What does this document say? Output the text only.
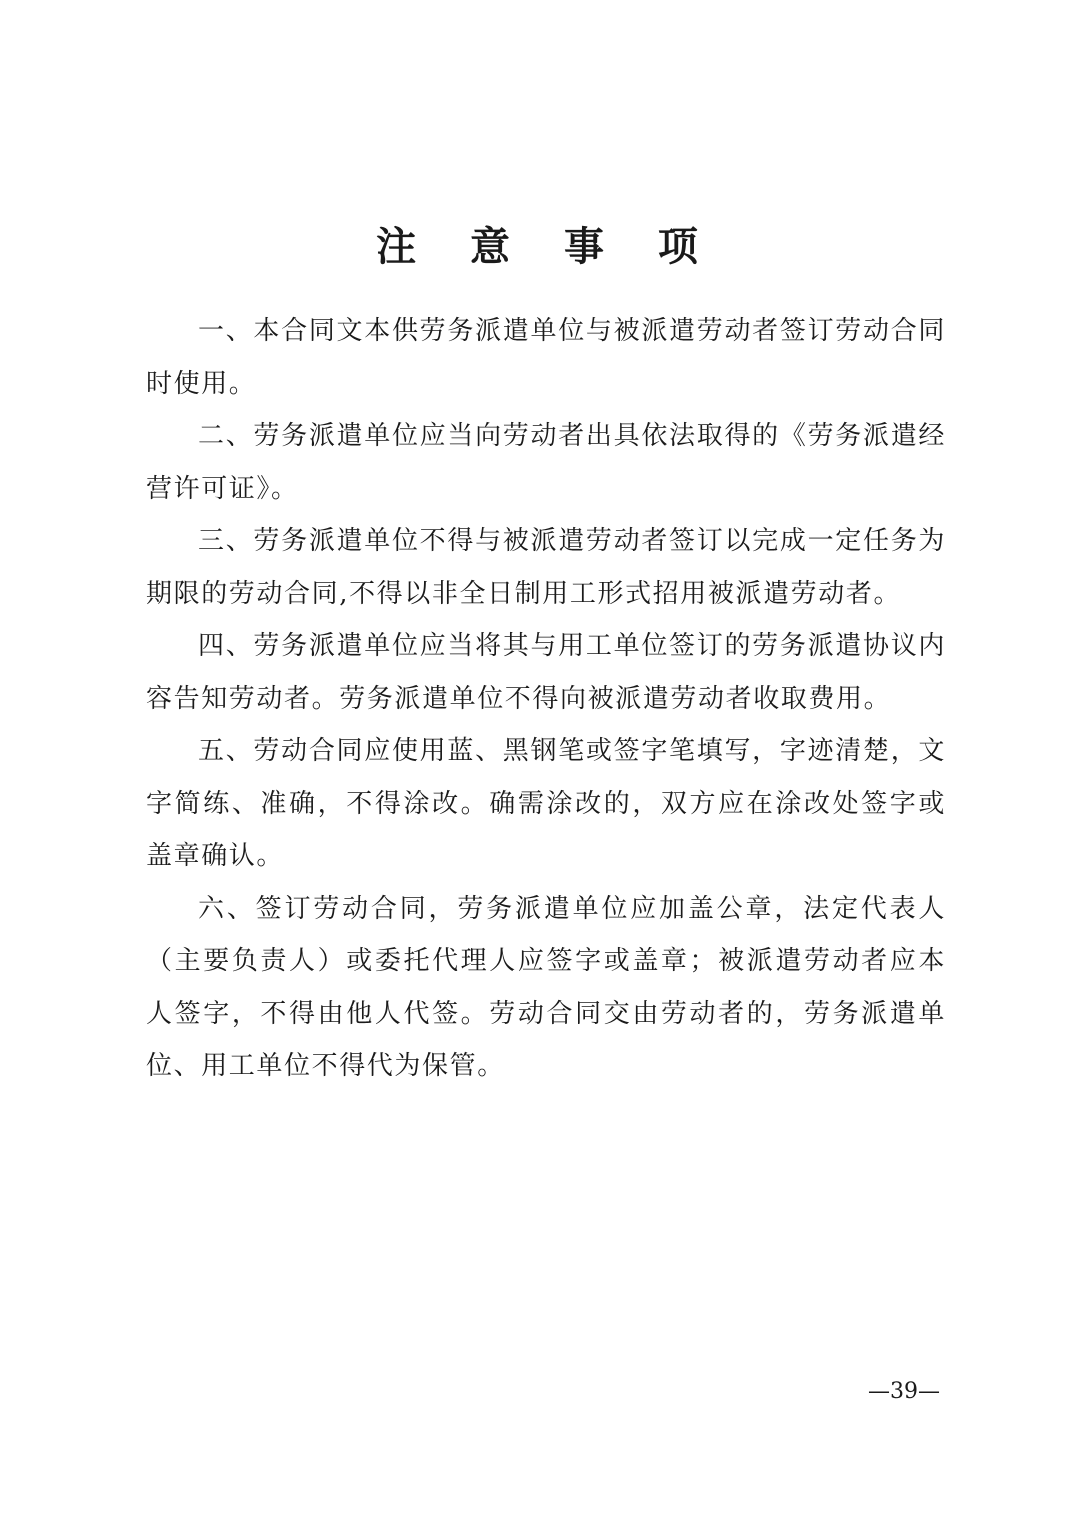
注 意 事 项

一、本合同文本供劳务派遣单位与被派遣劳动者签订劳动合同时使用。

二、劳务派遣单位应当向劳动者出具依法取得的《劳务派遣经营许可证》。

三、劳务派遣单位不得与被派遣劳动者签订以完成一定任务为期限的劳动合同,不得以非全日制用工形式招用被派遣劳动者。

四、劳务派遣单位应当将其与用工单位签订的劳务派遣协议内容告知劳动者。劳务派遣单位不得向被派遣劳动者收取费用。

五、劳动合同应使用蓝、黑钢笔或签字笔填写，字迹清楚，文字简练、准确，不得涂改。确需涂改的，双方应在涂改处签字或盖章确认。

六、签订劳动合同，劳务派遣单位应加盖公章，法定代表人（主要负责人）或委托代理人应签字或盖章；被派遣劳动者应本人签字，不得由他人代签。劳动合同交由劳动者的，劳务派遣单位、用工单位不得代为保管。

—39—
